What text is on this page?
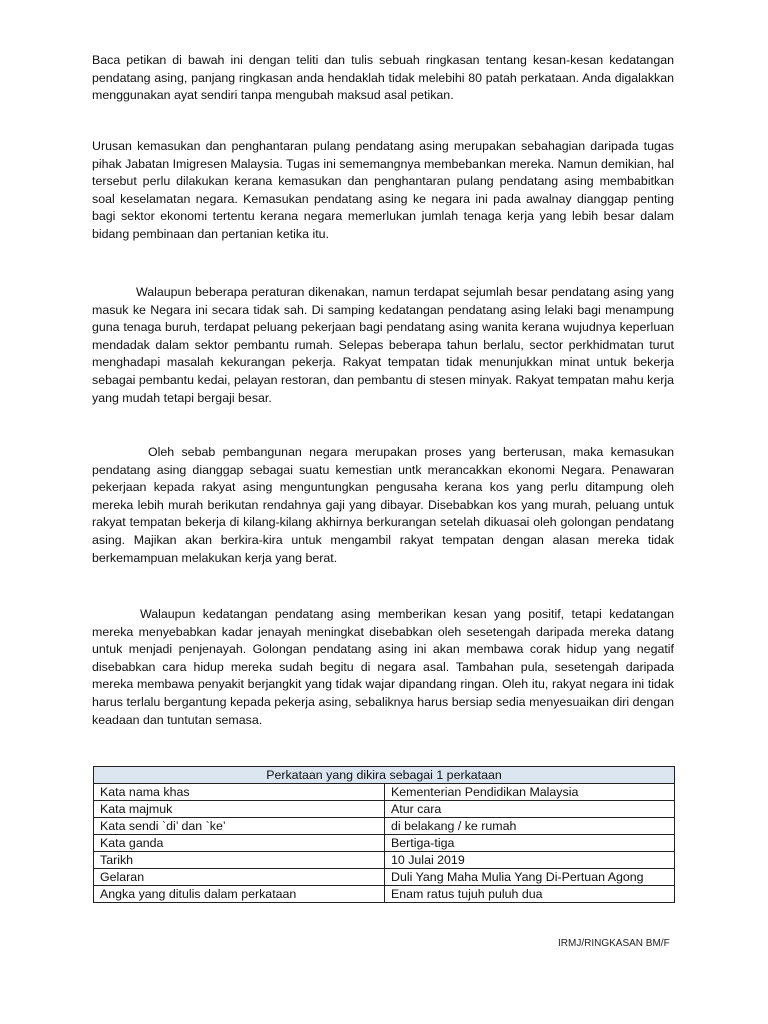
Baca petikan di bawah ini dengan teliti dan tulis sebuah ringkasan tentang kesan-kesan kedatangan pendatang asing, panjang ringkasan anda hendaklah tidak melebihi 80 patah perkataan. Anda digalakkan menggunakan ayat sendiri tanpa mengubah maksud asal petikan.

Urusan kemasukan dan penghantaran pulang pendatang asing merupakan sebahagian daripada tugas pihak Jabatan Imigresen Malaysia. Tugas ini sememangnya membebankan mereka. Namun demikian, hal tersebut perlu dilakukan kerana kemasukan dan penghantaran pulang pendatang asing membabitkan soal keselamatan negara. Kemasukan pendatang asing ke negara ini pada awalnay dianggap penting bagi sektor ekonomi tertentu kerana negara memerlukan jumlah tenaga kerja yang lebih besar dalam bidang pembinaan dan pertanian ketika itu.

Walaupun beberapa peraturan dikenakan, namun terdapat sejumlah besar pendatang asing yang masuk ke Negara ini secara tidak sah. Di samping kedatangan pendatang asing lelaki bagi menampung guna tenaga buruh, terdapat peluang pekerjaan bagi pendatang asing wanita kerana wujudnya keperluan mendadak dalam sektor pembantu rumah. Selepas beberapa tahun berlalu, sector perkhidmatan turut menghadapi masalah kekurangan pekerja. Rakyat tempatan tidak menunjukkan minat untuk bekerja sebagai pembantu kedai, pelayan restoran, dan pembantu di stesen minyak. Rakyat tempatan mahu kerja yang mudah tetapi bergaji besar.

Oleh sebab pembangunan negara merupakan proses yang berterusan, maka kemasukan pendatang asing dianggap sebagai suatu kemestian untk merancakkan ekonomi Negara. Penawaran pekerjaan kepada rakyat asing menguntungkan pengusaha kerana kos yang perlu ditampung oleh mereka lebih murah berikutan rendahnya gaji yang dibayar. Disebabkan kos yang murah, peluang untuk rakyat tempatan bekerja di kilang-kilang akhirnya berkurangan setelah dikuasai oleh golongan pendatang asing. Majikan akan berkira-kira untuk mengambil rakyat tempatan dengan alasan mereka tidak berkemampuan melakukan kerja yang berat.

Walaupun kedatangan pendatang asing memberikan kesan yang positif, tetapi kedatangan mereka menyebabkan kadar jenayah meningkat disebabkan oleh sesetengah daripada mereka datang untuk menjadi penjenayah. Golongan pendatang asing ini akan membawa corak hidup yang negatif disebabkan cara hidup mereka sudah begitu di negara asal. Tambahan pula, sesetengah daripada mereka membawa penyakit berjangkit yang tidak wajar dipandang ringan. Oleh itu, rakyat negara ini tidak harus terlalu bergantung kepada pekerja asing, sebaliknya harus bersiap sedia menyesuaikan diri dengan keadaan dan tuntutan semasa.

Perkataan yang dikira sebagai 1 perkataan	
Kata nama khas	Kementerian Pendidikan Malaysia
Kata majmuk	Atur cara
Kata sendi `di’ dan `ke’	di belakang / ke rumah
Kata ganda	Bertiga-tiga
Tarikh	10 Julai 2019
Gelaran	Duli Yang Maha Mulia Yang Di-Pertuan Agong
Angka yang ditulis dalam perkataan	Enam ratus tujuh puluh dua
IRMJ/RINGKASAN BM/F
